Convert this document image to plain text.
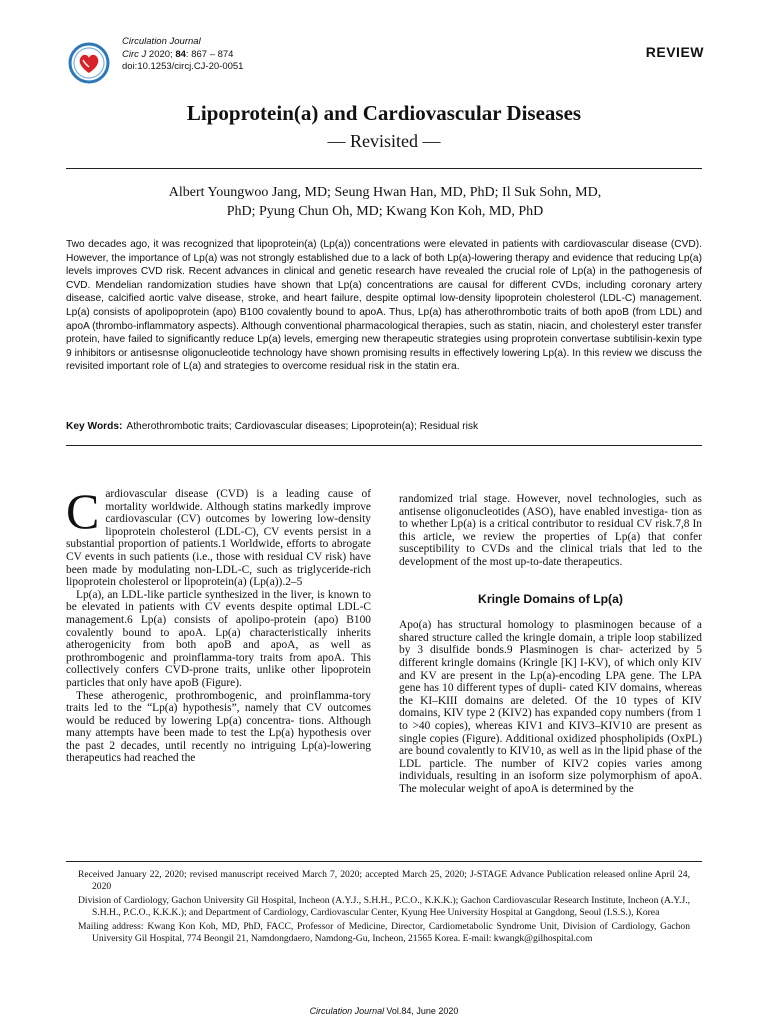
Circulation Journal
Circ J 2020; 84: 867 – 874
doi:10.1253/circj.CJ-20-0051
REVIEW
Lipoprotein(a) and Cardiovascular Diseases
— Revisited —
Albert Youngwoo Jang, MD; Seung Hwan Han, MD, PhD; Il Suk Sohn, MD,
PhD; Pyung Chun Oh, MD; Kwang Kon Koh, MD, PhD
Two decades ago, it was recognized that lipoprotein(a) (Lp(a)) concentrations were elevated in patients with cardiovascular disease (CVD). However, the importance of Lp(a) was not strongly established due to a lack of both Lp(a)-lowering therapy and evidence that reducing Lp(a) levels improves CVD risk. Recent advances in clinical and genetic research have revealed the crucial role of Lp(a) in the pathogenesis of CVD. Mendelian randomization studies have shown that Lp(a) concentrations are causal for different CVDs, including coronary artery disease, calcified aortic valve disease, stroke, and heart failure, despite optimal low-density lipoprotein cholesterol (LDL-C) management. Lp(a) consists of apolipoprotein (apo) B100 covalently bound to apoA. Thus, Lp(a) has atherothrombotic traits of both apoB (from LDL) and apoA (thrombo-inflammatory aspects). Although conventional pharmacological therapies, such as statin, niacin, and cholesteryl ester transfer protein, have failed to significantly reduce Lp(a) levels, emerging new therapeutic strategies using proprotein convertase subtilisin-kexin type 9 inhibitors or antisesnse oligonucleotide technology have shown promising results in effectively lowering Lp(a). In this review we discuss the revisited important role of L(a) and strategies to overcome residual risk in the statin era.
Key Words: Atherothrombotic traits; Cardiovascular diseases; Lipoprotein(a); Residual risk

Cardiovascular disease (CVD) is a leading cause of mortality worldwide. Although statins markedly improve cardiovascular (CV) outcomes by lowering low-density lipoprotein cholesterol (LDL-C), CV events persist in a substantial proportion of patients.1 Worldwide, efforts to abrogate CV events in such patients (i.e., those with residual CV risk) have been made by modulating non-LDL-C, such as triglyceride-rich lipoprotein cholesterol or lipoprotein(a) (Lp(a)).2–5

Lp(a), an LDL-like particle synthesized in the liver, is known to be elevated in patients with CV events despite optimal LDL-C management.6 Lp(a) consists of apolipo-protein (apo) B100 covalently bound to apoA. Lp(a) characteristically inherits atherogenicity from both apoB and apoA, as well as prothrombogenic and proinflamma-tory traits from apoA. This collectively confers CVD-prone traits, unlike other lipoprotein particles that only have apoB (Figure).

These atherogenic, prothrombogenic, and proinflamma-tory traits led to the “Lp(a) hypothesis”, namely that CV outcomes would be reduced by lowering Lp(a) concentra- tions. Although many attempts have been made to test the Lp(a) hypothesis over the past 2 decades, until recently no intriguing Lp(a)-lowering therapeutics had reached the

randomized trial stage. However, novel technologies, such as antisense oligonucleotides (ASO), have enabled investiga- tion as to whether Lp(a) is a critical contributor to residual CV risk.7,8 In this article, we review the properties of Lp(a) that confer susceptibility to CVDs and the clinical trials that led to the development of the most up-to-date therapeutics.

Kringle Domains of Lp(a)

Apo(a) has structural homology to plasminogen because of a shared structure called the kringle domain, a triple loop stabilized by 3 disulfide bonds.9 Plasminogen is char- acterized by 5 different kringle domains (Kringle [K] I-KV), of which only KIV and KV are present in the Lp(a)-encoding LPA gene. The LPA gene has 10 different types of dupli- cated KIV domains, whereas the KI–KIII domains are deleted. Of the 10 types of KIV domains, KIV type 2 (KIV2) has expanded copy numbers (from 1 to >40 copies), whereas KIV1 and KIV3–KIV10 are present as single copies (Figure). Additional oxidized phospholipids (OxPL) are bound covalently to KIV10, as well as in the lipid phase of the LDL particle. The number of KIV2 copies varies among individuals, resulting in an isoform size polymorphism of apoA. The molecular weight of apoA is determined by the

Received January 22, 2020; revised manuscript received March 7, 2020; accepted March 25, 2020; J-STAGE Advance Publication released online April 24, 2020

Division of Cardiology, Gachon University Gil Hospital, Incheon (A.Y.J., S.H.H., P.C.O., K.K.K.); Gachon Cardiovascular Research Institute, Incheon (A.Y.J., S.H.H., P.C.O., K.K.K.); and Department of Cardiology, Cardiovascular Center, Kyung Hee University Hospital at Gangdong, Seoul (I.S.S.), Korea

Mailing address: Kwang Kon Koh, MD, PhD, FACC, Professor of Medicine, Director, Cardiometabolic Syndrome Unit, Division of Cardiology, Gachon University Gil Hospital, 774 Beongil 21, Namdongdaero, Namdong-Gu, Incheon, 21565 Korea. E-mail: kwangk@gilhospital.com

Circulation Journal Vol.84, June 2020
